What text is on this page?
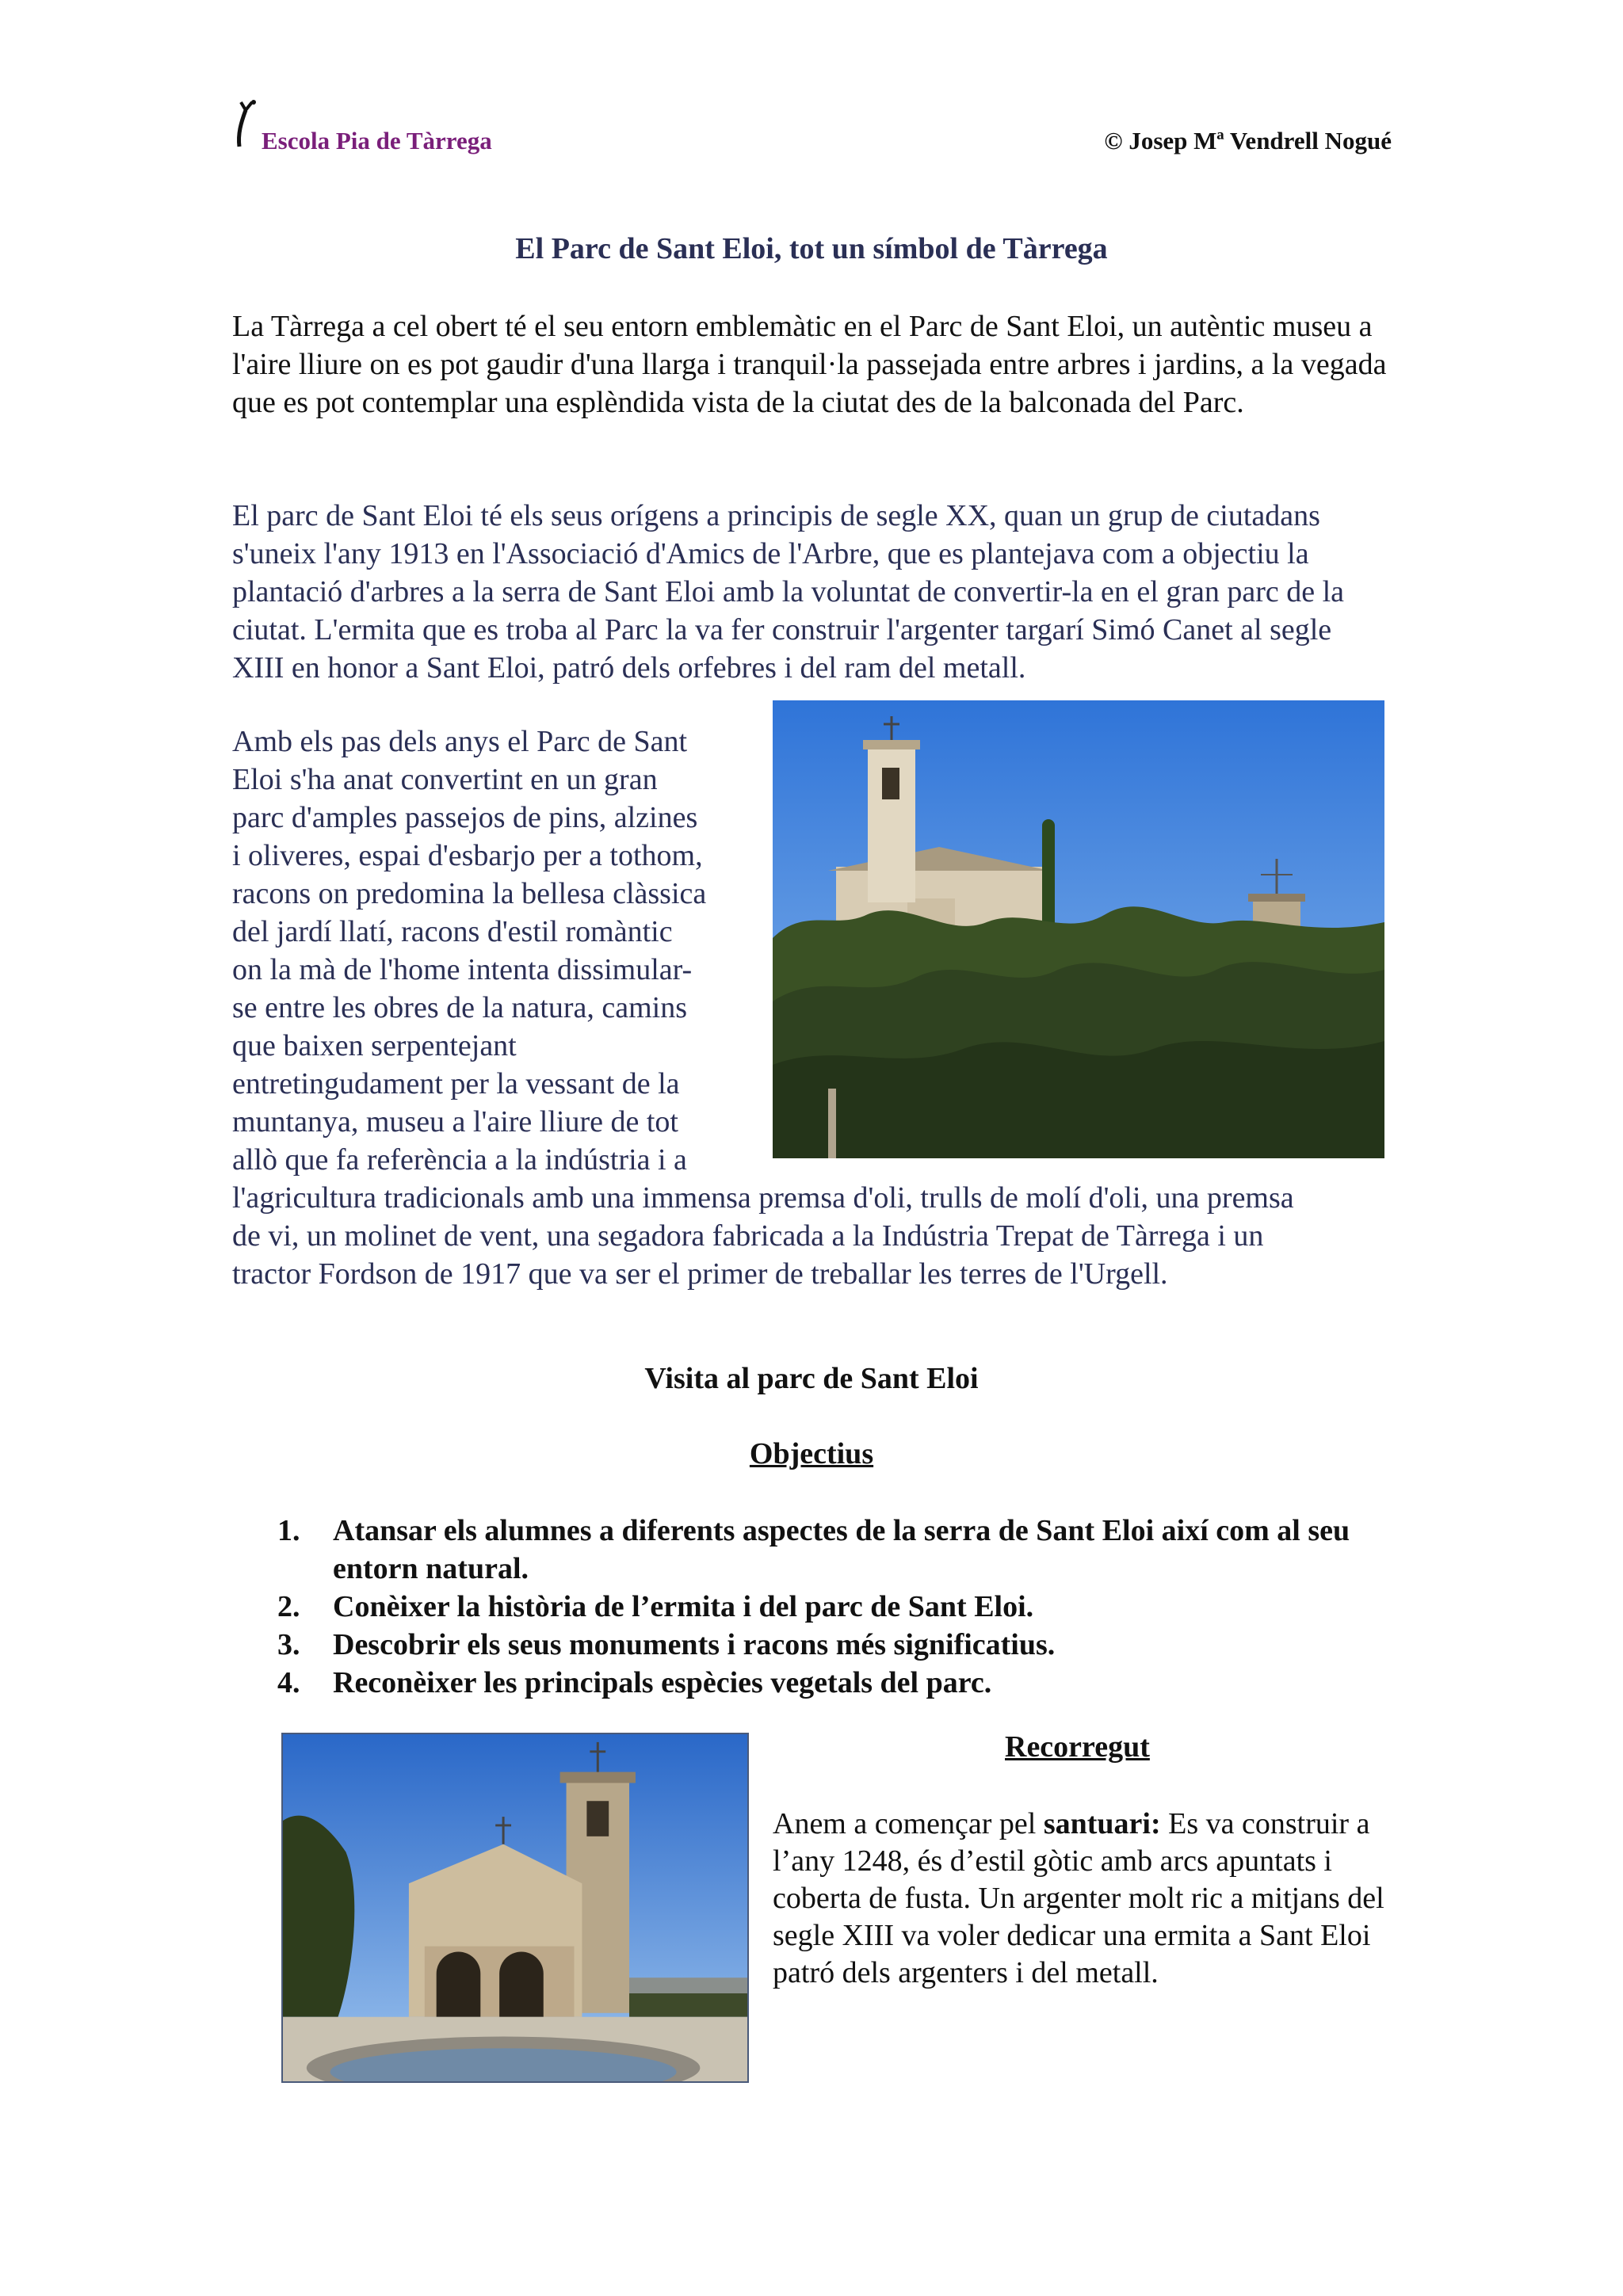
Escola Pia de Tàrrega	© Josep Mª Vendrell Nogué
El Parc de Sant Eloi, tot un símbol de Tàrrega
La Tàrrega a cel obert té el seu entorn emblemàtic en el Parc de Sant Eloi, un autèntic museu a l'aire lliure on es pot gaudir d'una llarga i tranquil·la passejada entre arbres i jardins, a la vegada que es pot contemplar una esplèndida vista de la ciutat des de la balconada del Parc.
El parc de Sant Eloi té els seus orígens a principis de segle XX, quan un grup de ciutadans s'uneix l'any 1913 en l'Associació d'Amics de l'Arbre, que es plantejava com a objectiu la plantació d'arbres a la serra de Sant Eloi amb la voluntat de convertir-la en el gran parc de la ciutat. L'ermita que es troba al Parc la va fer construir l'argenter targarí Simó Canet al segle XIII en honor a Sant Eloi, patró dels orfebres i del ram del metall.
Amb els pas dels anys el Parc de Sant
Eloi s'ha anat convertint en un gran
parc d'amples passejos de pins, alzines
i oliveres, espai d'esbarjo per a tothom,
racons on predomina la bellesa clàssica
del jardí llatí, racons d'estil romàntic
on la mà de l'home intenta dissimular-
se entre les obres de la natura, camins
que baixen serpentejant
entretingudament per la vessant de la
muntanya, museu a l'aire lliure de tot
allò que fa referència a la indústria i a
l'agricultura tradicionals amb una immensa premsa d'oli, trulls de molí d'oli, una premsa
de vi, un molinet de vent, una segadora fabricada a la Indústria Trepat de Tàrrega i un
tractor Fordson de 1917 que va ser el primer de treballar les terres de l'Urgell.
Visita al parc de Sant Eloi
Objectius
1.	Atansar els alumnes a diferents aspectes de la serra de Sant Eloi així com al seu entorn natural.
2.	Conèixer la història de l’ermita i del parc de Sant Eloi.
3.	Descobrir els seus monuments i racons més significatius.
4.	Reconèixer les principals espècies vegetals del parc.
Recorregut
Anem a començar pel santuari: Es va construir a l’any 1248, és d’estil gòtic amb arcs apuntats i coberta de fusta. Un argenter molt ric a mitjans del segle XIII va voler dedicar una ermita a Sant Eloi patró dels argenters i del metall.
